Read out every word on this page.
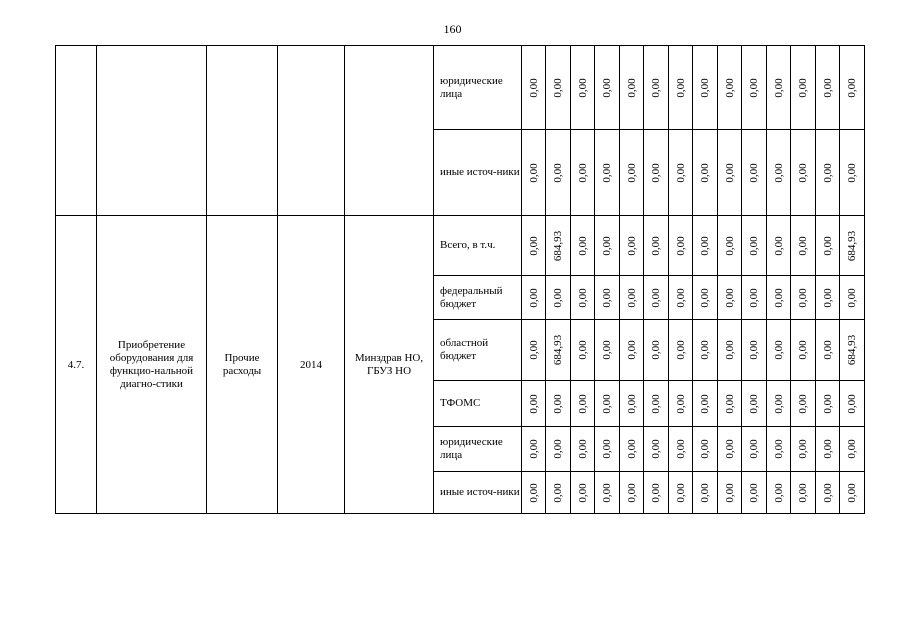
160
					юридические лица	0,00	0,00	0,00	0,00	0,00	0,00	0,00	0,00	0,00	0,00	0,00	0,00	0,00	0,00

					иные источ-ники	0,00	0,00	0,00	0,00	0,00	0,00	0,00	0,00	0,00	0,00	0,00	0,00	0,00	0,00

4.7.	Приобретение оборудования для функцио-нальной диагно-стики	Прочие расходы	2014	Минздрав НО, ГБУЗ НО	Всего, в т.ч.	0,00	684,93	0,00	0,00	0,00	0,00	0,00	0,00	0,00	0,00	0,00	0,00	0,00	684,93

					федеральный бюджет	0,00	0,00	0,00	0,00	0,00	0,00	0,00	0,00	0,00	0,00	0,00	0,00	0,00	0,00

					областной бюджет	0,00	684,93	0,00	0,00	0,00	0,00	0,00	0,00	0,00	0,00	0,00	0,00	0,00	684,93

					ТФОМС	0,00	0,00	0,00	0,00	0,00	0,00	0,00	0,00	0,00	0,00	0,00	0,00	0,00	0,00

					юридические лица	0,00	0,00	0,00	0,00	0,00	0,00	0,00	0,00	0,00	0,00	0,00	0,00	0,00	0,00

					иные источ-ники	0,00	0,00	0,00	0,00	0,00	0,00	0,00	0,00	0,00	0,00	0,00	0,00	0,00	0,00
